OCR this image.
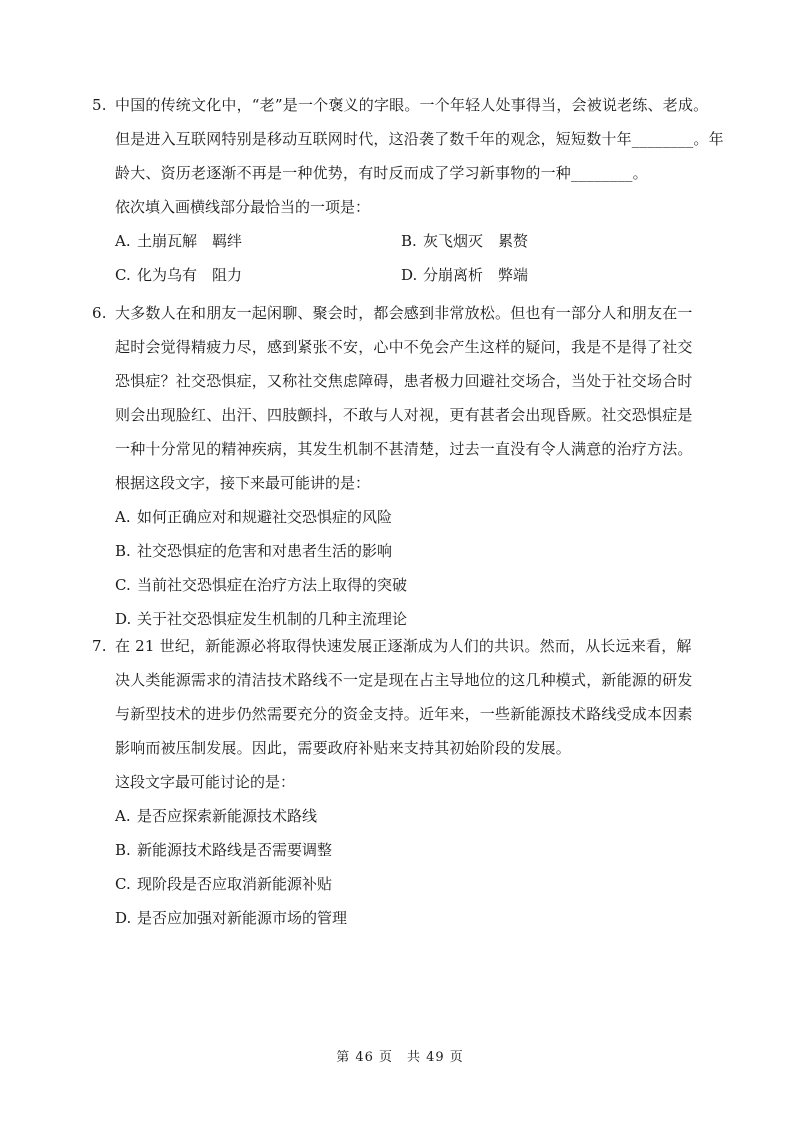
5. 中国的传统文化中，“老”是一个褒义的字眼。一个年轻人处事得当，会被说老练、老成。
但是进入互联网特别是移动互联网时代，这沿袭了数千年的观念，短短数十年________。年
龄大、资历老逐渐不再是一种优势，有时反而成了学习新事物的一种________。
依次填入画横线部分最恰当的一项是：
A. 土崩瓦解　羁绊	B. 灰飞烟灭　累赘
C. 化为乌有　阻力	D. 分崩离析　弊端
6. 大多数人在和朋友一起闲聊、聚会时，都会感到非常放松。但也有一部分人和朋友在一
起时会觉得精疲力尽，感到紧张不安，心中不免会产生这样的疑问，我是不是得了社交
恐惧症？社交恐惧症，又称社交焦虑障碍，患者极力回避社交场合，当处于社交场合时
则会出现脸红、出汗、四肢颤抖，不敢与人对视，更有甚者会出现昏厥。社交恐惧症是
一种十分常见的精神疾病，其发生机制不甚清楚，过去一直没有令人满意的治疗方法。
根据这段文字，接下来最可能讲的是：
A. 如何正确应对和规避社交恐惧症的风险
B. 社交恐惧症的危害和对患者生活的影响
C. 当前社交恐惧症在治疗方法上取得的突破
D. 关于社交恐惧症发生机制的几种主流理论
7. 在 21 世纪，新能源必将取得快速发展正逐渐成为人们的共识。然而，从长远来看，解
决人类能源需求的清洁技术路线不一定是现在占主导地位的这几种模式，新能源的研发
与新型技术的进步仍然需要充分的资金支持。近年来，一些新能源技术路线受成本因素
影响而被压制发展。因此，需要政府补贴来支持其初始阶段的发展。
这段文字最可能讨论的是：
A. 是否应探索新能源技术路线
B. 新能源技术路线是否需要调整
C. 现阶段是否应取消新能源补贴
D. 是否应加强对新能源市场的管理
第 46 页　共 49 页
